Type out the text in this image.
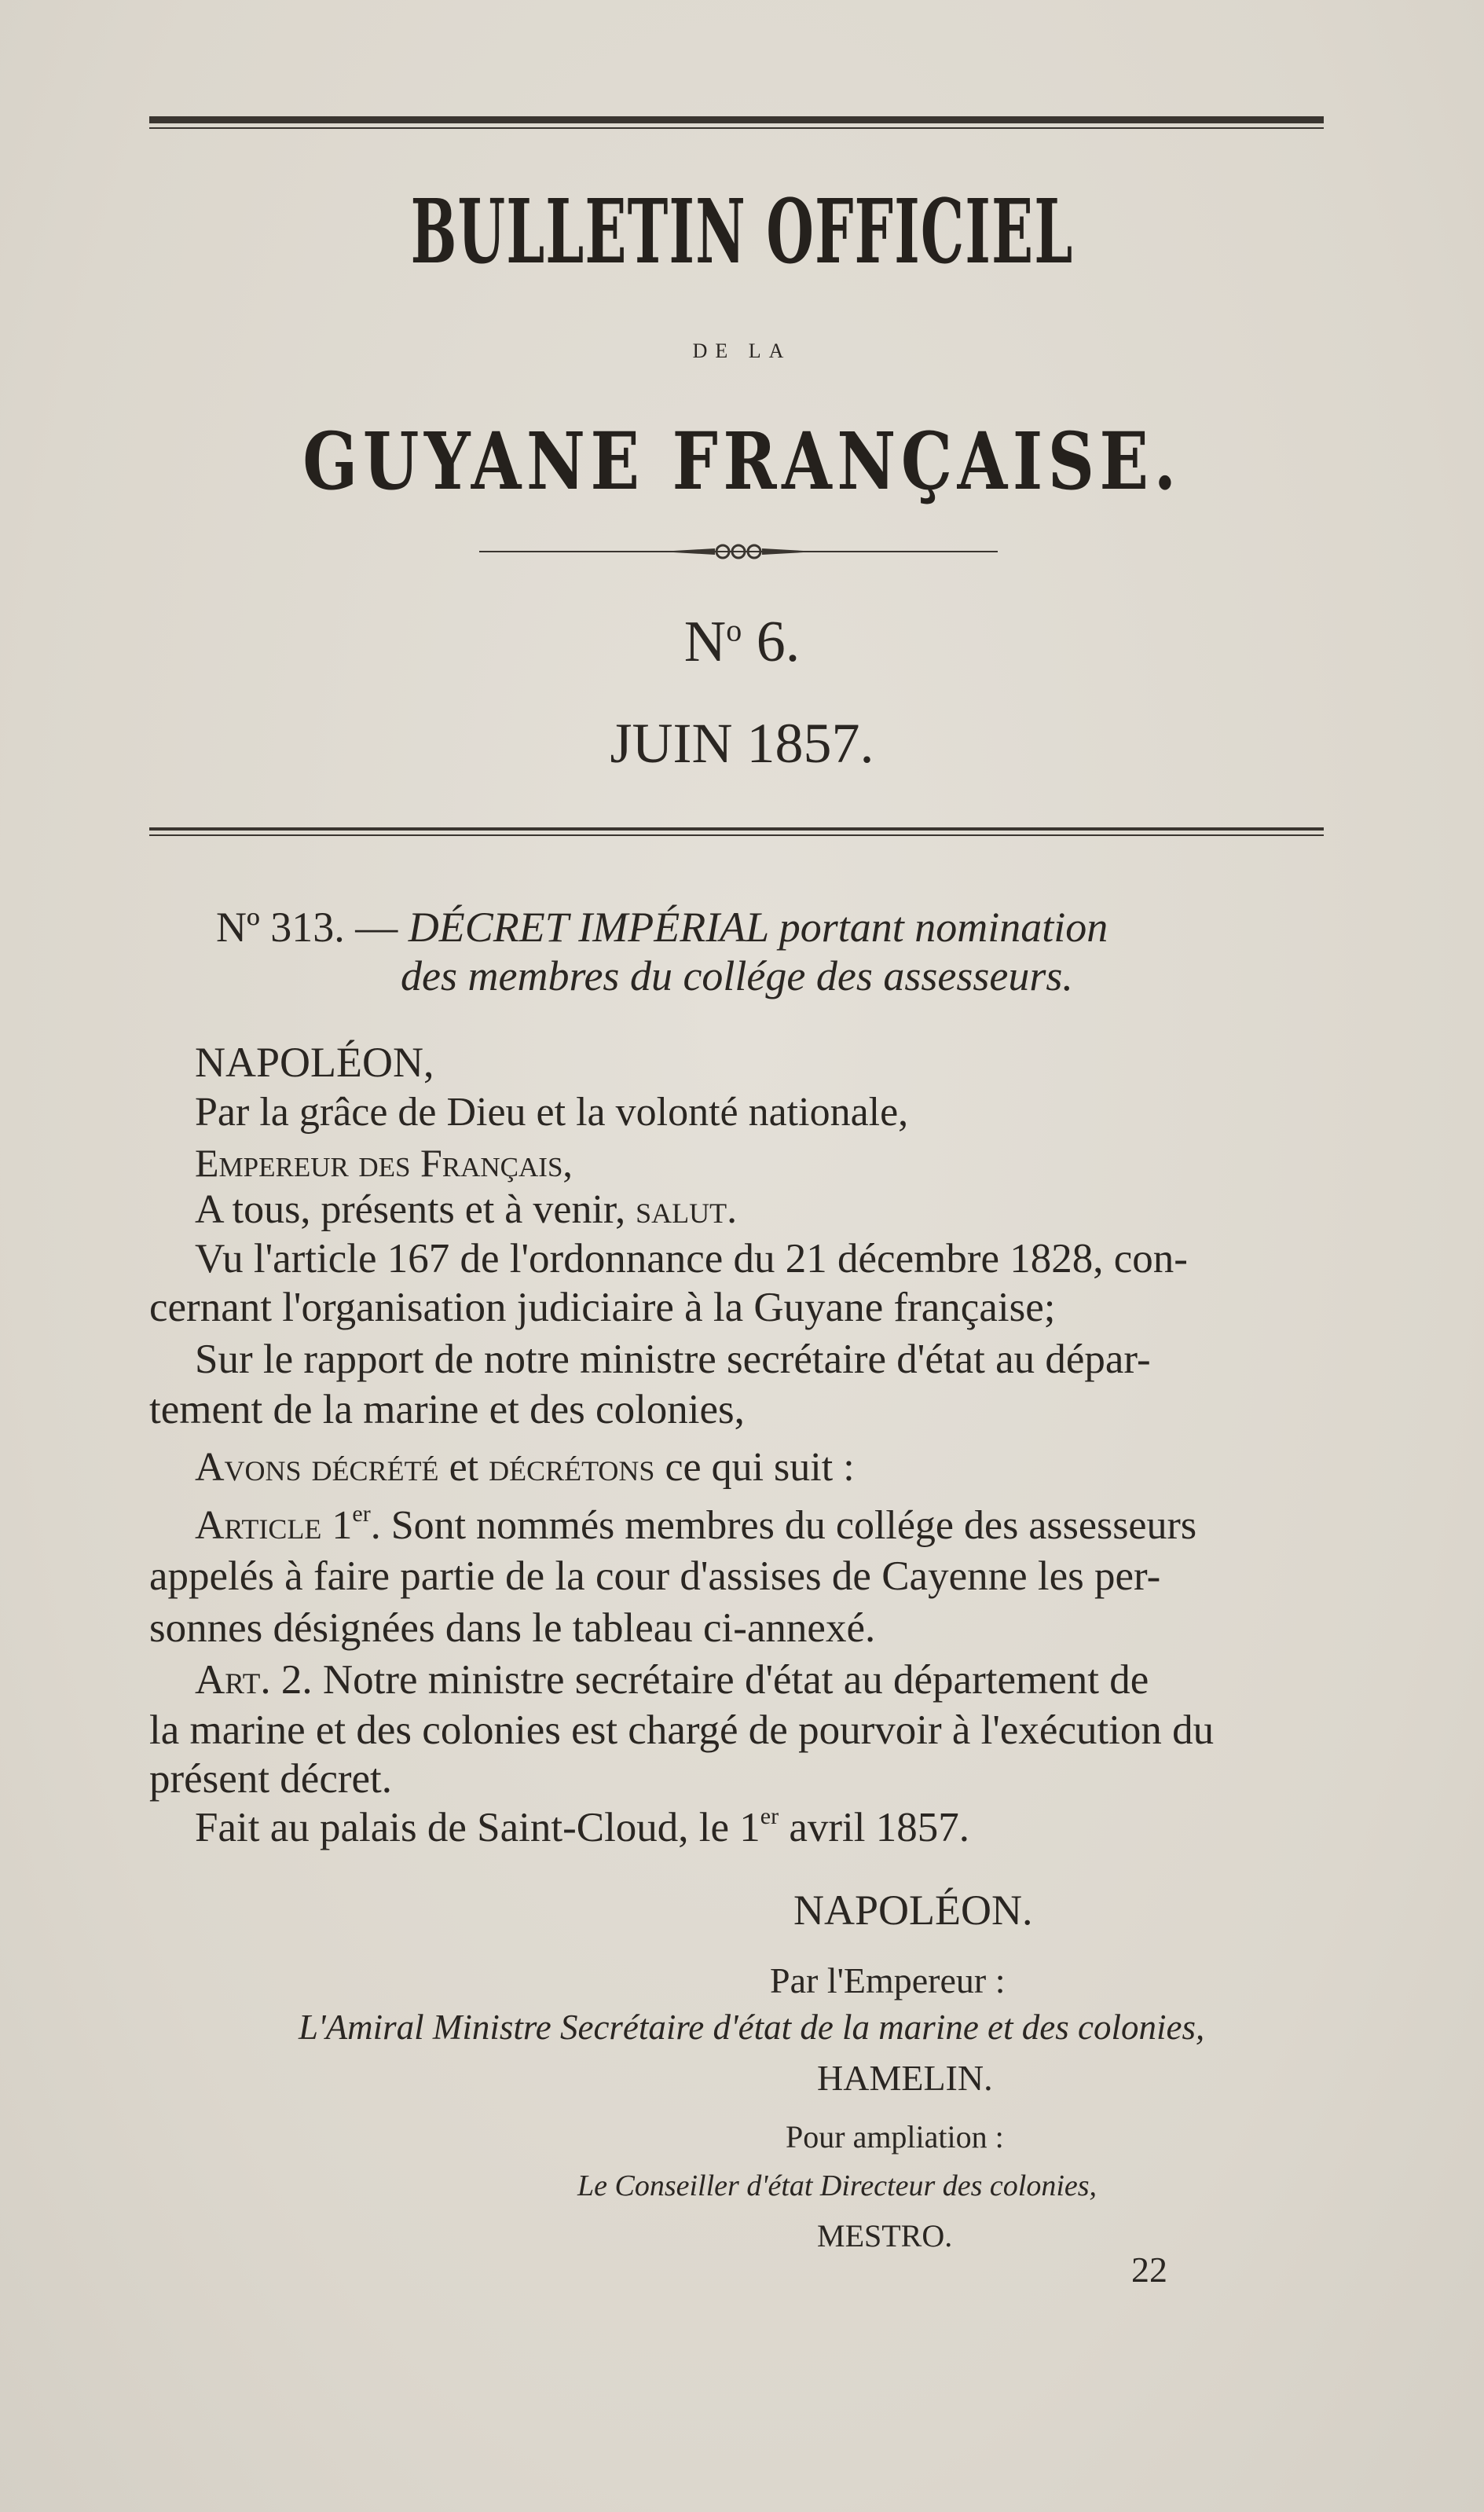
BULLETIN OFFICIEL
DE LA
GUYANE FRANÇAISE.
$N^o$ 6.
JUIN 1857.
Nº 313. — DÉCRET IMPÉRIAL portant nomination
des membres du collége des assesseurs.
NAPOLÉON,
Par la grâce de Dieu et la volonté nationale,
Empereur des Français,
A tous, présents et à venir, salut.
Vu l'article 167 de l'ordonnance du 21 décembre 1828, con-
cernant l'organisation judiciaire à la Guyane française;
Sur le rapport de notre ministre secrétaire d'état au dépar-
tement de la marine et des colonies,
Avons décrété et décrétons ce qui suit :
Article 1er. Sont nommés membres du collége des assesseurs
appelés à faire partie de la cour d'assises de Cayenne les per-
sonnes désignées dans le tableau ci-annexé.
Art. 2. Notre ministre secrétaire d'état au département de
la marine et des colonies est chargé de pourvoir à l'exécution du
présent décret.
Fait au palais de Saint-Cloud, le 1er avril 1857.
NAPOLÉON.
Par l'Empereur :
L'Amiral Ministre Secrétaire d'état de la marine et des colonies,
HAMELIN.
Pour ampliation :
Le Conseiller d'état Directeur des colonies,
MESTRO.
22
